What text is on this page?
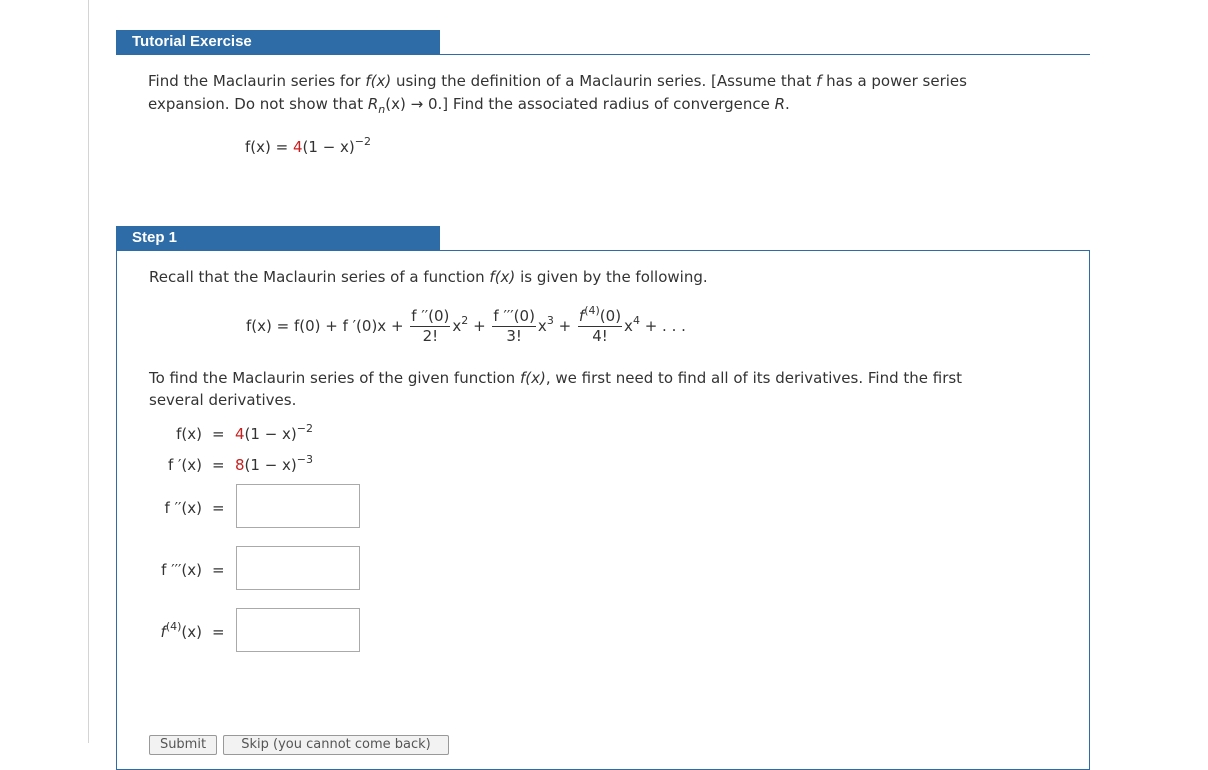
Tutorial Exercise
Find the Maclaurin series for f(x) using the definition of a Maclaurin series. [Assume that f has a power series
expansion. Do not show that $R_n(x) \to 0$.] Find the associated radius of convergence R.
$f(x) = 4(1 - x)^{-2}$
Step 1
Recall that the Maclaurin series of a function f(x) is given by the following.
f(x) = f(0) + f $'(0)x + \frac{f ''(0)}{2!} x^2 + \frac{f '''(0)}{3!} x^3 + \frac{f^{(4)}(0)}{4!} x^4$ + . . .
To find the Maclaurin series of the given function f(x), we first need to find all of its derivatives. Find the first
several derivatives.
$f(x) = 4(1 - x)^{-2}$
f $'(x) = 8(1 - x)^{-3}$
f ′′(x) =
f ′′′(x) =
$f^{(4)}(x)$ =
Submit	Skip (you cannot come back)
